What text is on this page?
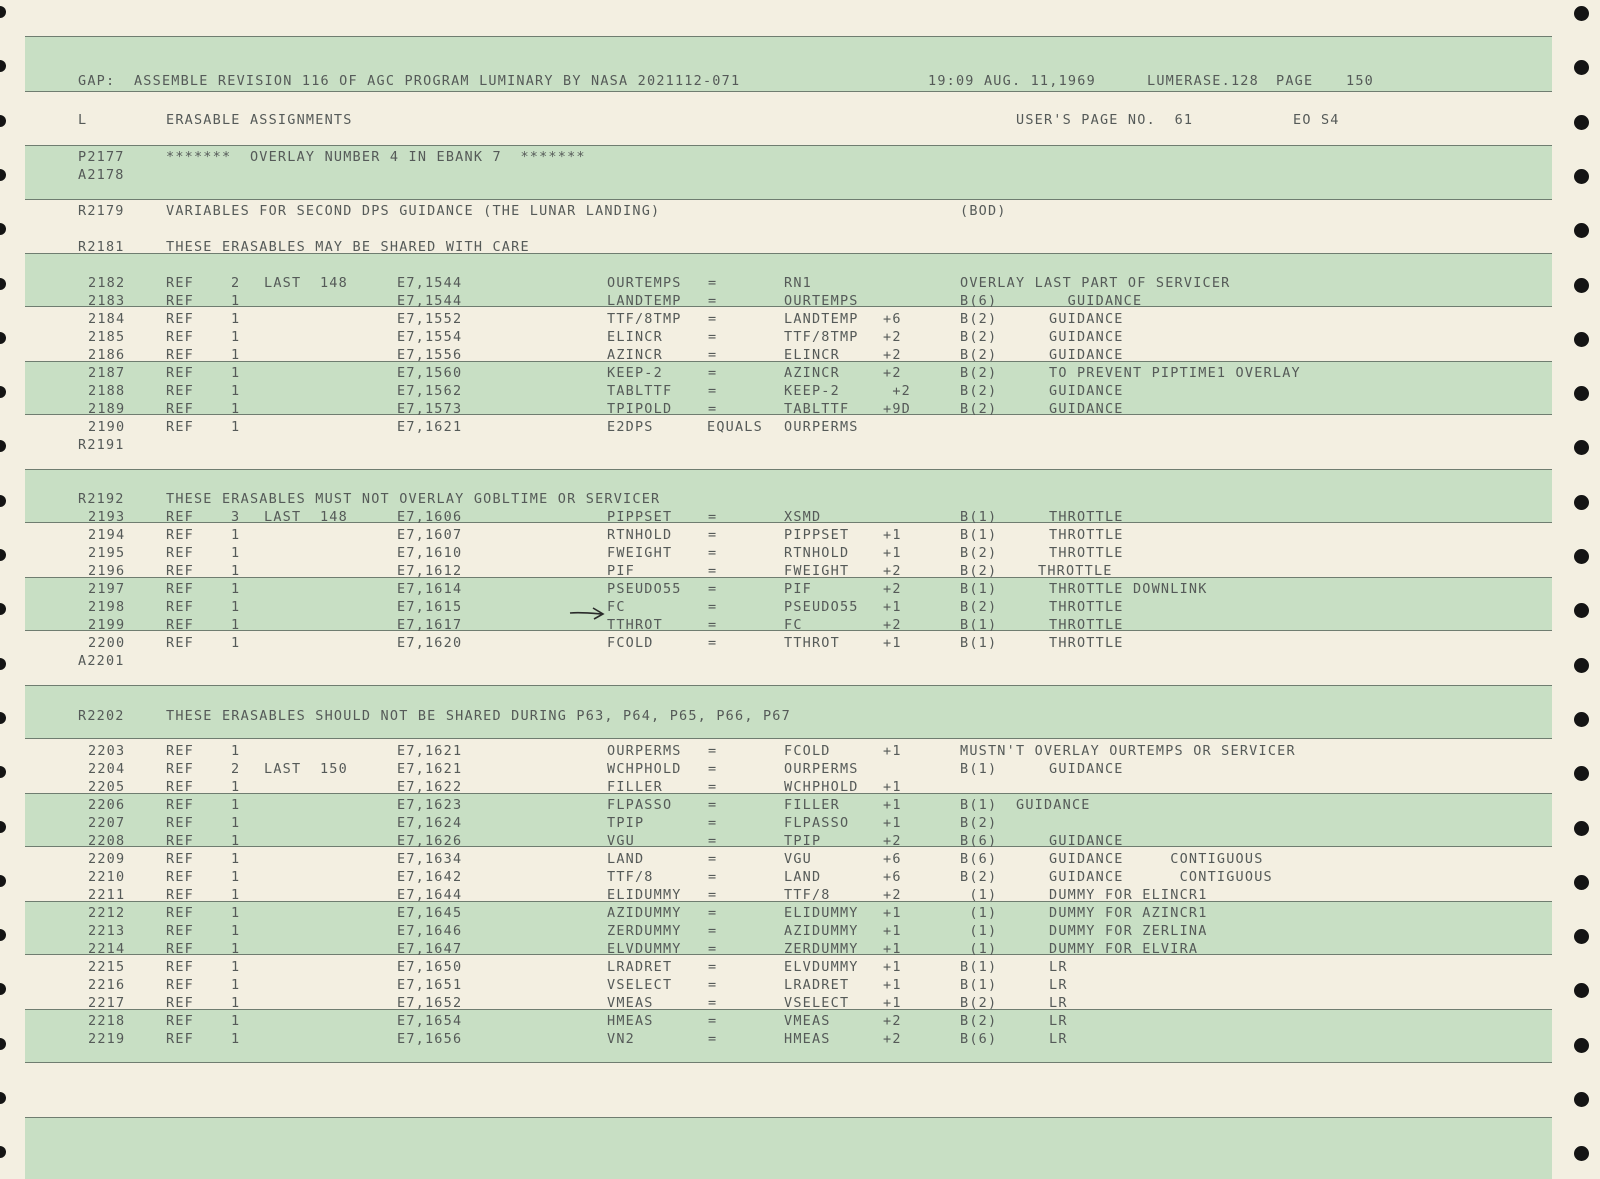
GAP:  ASSEMBLE REVISION 116 OF AGC PROGRAM LUMINARY BY NASA 2021112-071	19:09 AUG. 11,1969	LUMERASE.128 PAGE 150
L	ERASABLE ASSIGNMENTS	USER'S PAGE NO.  61	EO S4
P2177	*******  OVERLAY NUMBER 4 IN EBANK 7  *******
A2178
R2179	VARIABLES FOR SECOND DPS GUIDANCE (THE LUNAR LANDING)	(BOD)
R2181	THESE ERASABLES MAY BE SHARED WITH CARE
2182	REF	2 LAST  148	E7,1544	OURTEMPS =	RN1	OVERLAY LAST PART OF SERVICER
2183	REF	1	E7,1544	LANDTEMP =	OURTEMPS	B(6)	GUIDANCE
2184	REF	1	E7,1552	TTF/8TMP =	LANDTEMP +6	B(2)	GUIDANCE
2185	REF	1	E7,1554	ELINCR	=	TTF/8TMP +2	B(2)	GUIDANCE
2186	REF	1	E7,1556	AZINCR	=	ELINCR	+2	B(2)	GUIDANCE
2187	REF	1	E7,1560	KEEP-2	=	AZINCR	+2	B(2)	TO PREVENT PIPTIME1 OVERLAY
2188	REF	1	E7,1562	TABLTTF	=	KEEP-2	+2	B(2)	GUIDANCE
2189	REF	1	E7,1573	TPIPOLD	=	TABLTTF +9D	B(2)	GUIDANCE
2190	REF	1	E7,1621	E2DPS	EQUALS OURPERMS
R2191
R2192	THESE ERASABLES MUST NOT OVERLAY GOBLTIME OR SERVICER
2193	REF	3 LAST  148	E7,1606	PIPPSET	=	XSMD	B(1)	THROTTLE
2194	REF	1	E7,1607	RTNHOLD	=	PIPPSET +1	B(1)	THROTTLE
2195	REF	1	E7,1610	FWEIGHT	=	RTNHOLD +1	B(2)	THROTTLE
2196	REF	1	E7,1612	PIF	=	FWEIGHT +2	B(2)	THROTTLE
2197	REF	1	E7,1614	PSEUDO55 =	PIF	+2	B(1)	THROTTLE DOWNLINK
2198	REF	1	E7,1615	FC	=	PSEUDO55 +1	B(2)	THROTTLE
2199	REF	1	E7,1617	TTHROT	=	FC	+2	B(1)	THROTTLE
2200	REF	1	E7,1620	FCOLD	=	TTHROT	+1	B(1)	THROTTLE
A2201
R2202	THESE ERASABLES SHOULD NOT BE SHARED DURING P63, P64, P65, P66, P67
2203	REF	1	E7,1621	OURPERMS =	FCOLD	+1	MUSTN'T OVERLAY OURTEMPS OR SERVICER
2204	REF	2 LAST  150	E7,1621	WCHPHOLD =	OURPERMS	B(1)	GUIDANCE
2205	REF	1	E7,1622	FILLER	=	WCHPHOLD +1
2206	REF	1	E7,1623	FLPASSO	=	FILLER	+1	B(1) GUIDANCE
2207	REF	1	E7,1624	TPIP	=	FLPASSO +1	B(2)
2208	REF	1	E7,1626	VGU	=	TPIP	+2	B(6)	GUIDANCE
2209	REF	1	E7,1634	LAND	=	VGU	+6	B(6)	GUIDANCE     CONTIGUOUS
2210	REF	1	E7,1642	TTF/8	=	LAND	+6	B(2)	GUIDANCE      CONTIGUOUS
2211	REF	1	E7,1644	ELIDUMMY =	TTF/8	+2	(1)	DUMMY FOR ELINCR1
2212	REF	1	E7,1645	AZIDUMMY =	ELIDUMMY +1	(1)	DUMMY FOR AZINCR1
2213	REF	1	E7,1646	ZERDUMMY =	AZIDUMMY +1	(1)	DUMMY FOR ZERLINA
2214	REF	1	E7,1647	ELVDUMMY =	ZERDUMMY +1	(1)	DUMMY FOR ELVIRA
2215	REF	1	E7,1650	LRADRET	=	ELVDUMMY +1	B(1)	LR
2216	REF	1	E7,1651	VSELECT	=	LRADRET +1	B(1)	LR
2217	REF	1	E7,1652	VMEAS	=	VSELECT +1	B(2)	LR
2218	REF	1	E7,1654	HMEAS	=	VMEAS	+2	B(2)	LR
2219	REF	1	E7,1656	VN2	=	HMEAS	+2	B(6)	LR
